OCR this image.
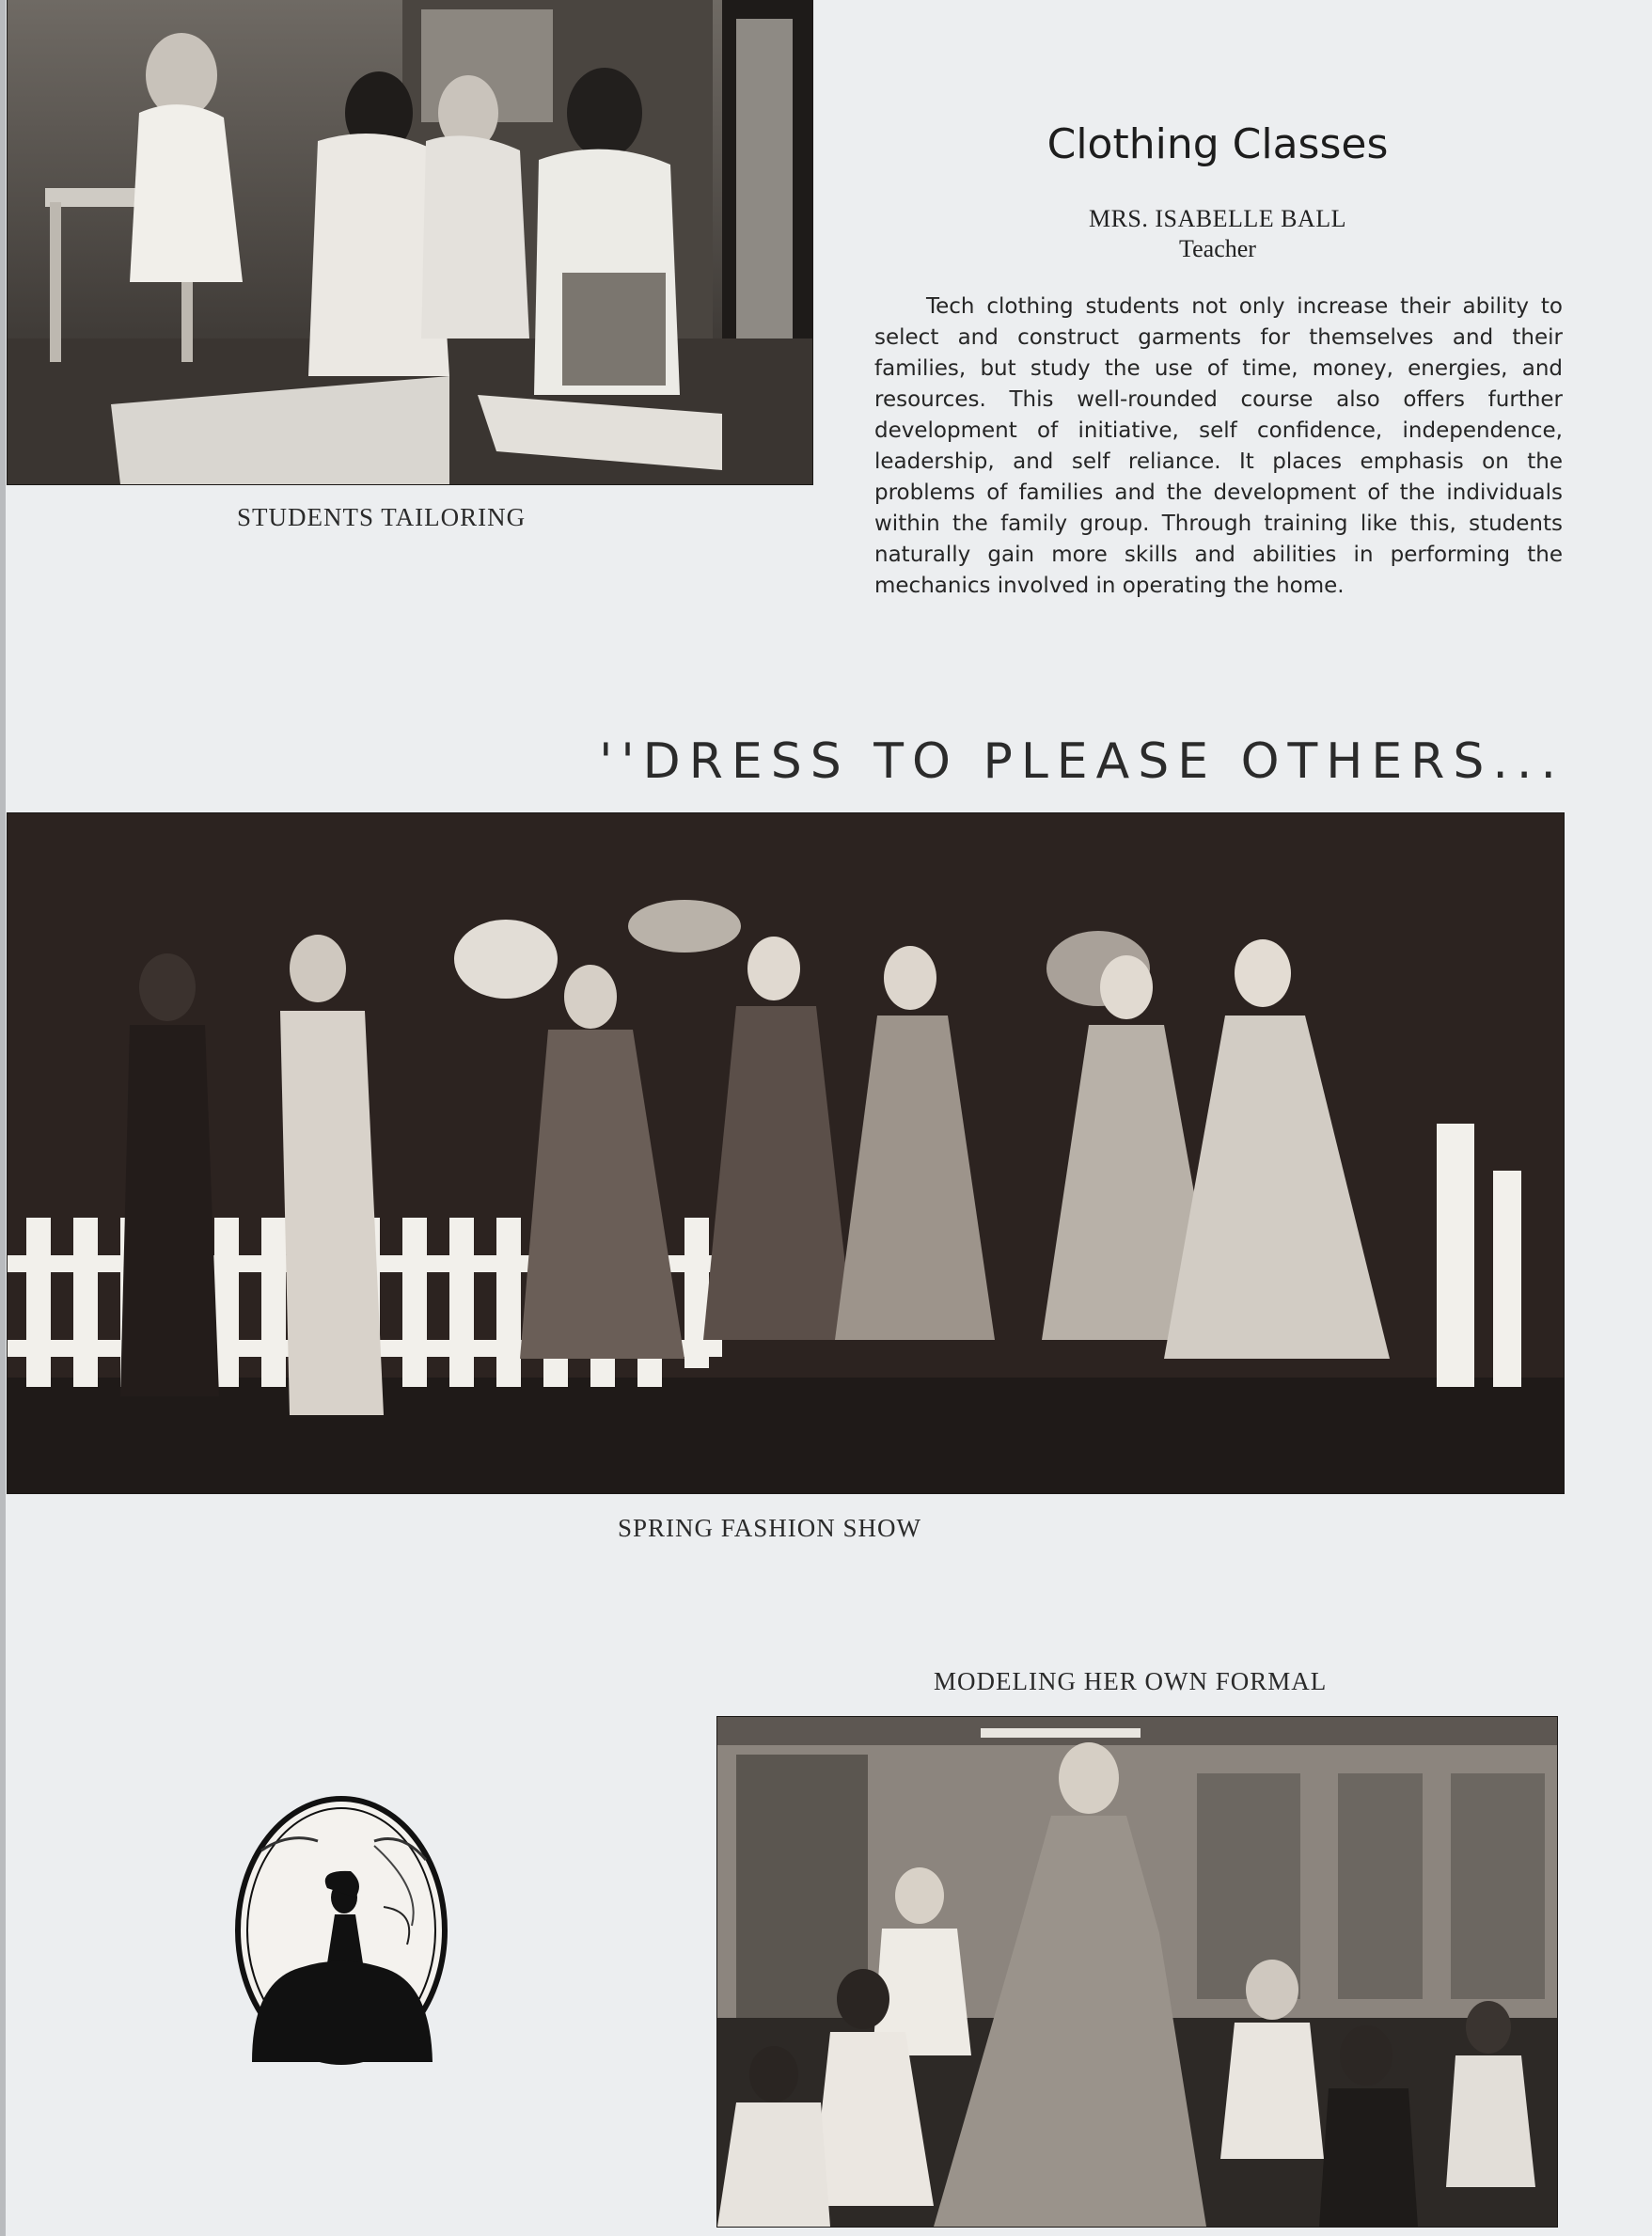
STUDENTS TAILORING
Clothing Classes
MRS. ISABELLE BALL
Teacher

Tech clothing students not only increase their ability to select and construct garments for themselves and their families, but study the use of time, money, energies, and resources. This well-rounded course also offers further development of initiative, self confidence, independence, leadership, and self reliance. It places emphasis on the problems of families and the development of the individuals within the family group. Through training like this, students naturally gain more skills and abilities in performing the mechanics involved in operating the home.

''DRESS TO PLEASE OTHERS...
SPRING FASHION SHOW
MODELING HER OWN FORMAL
